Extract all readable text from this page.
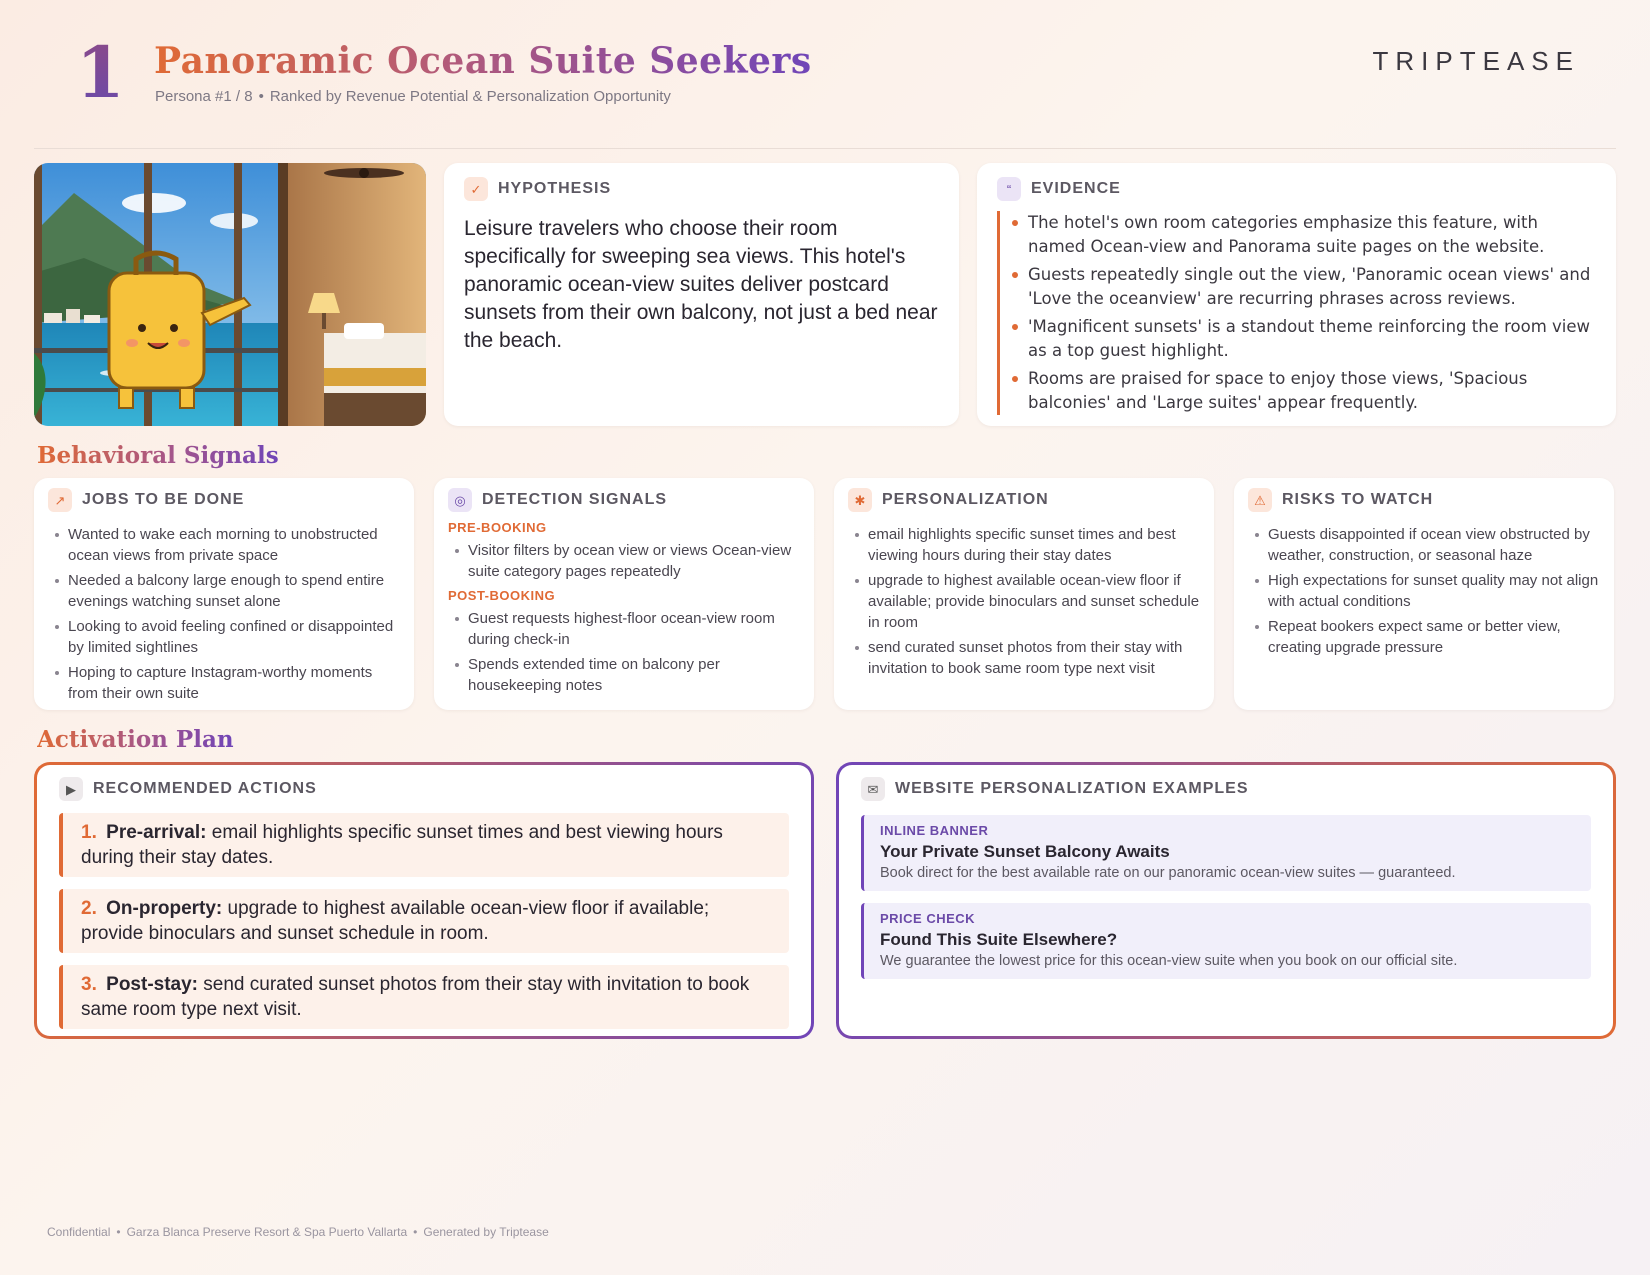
1 Panoramic Ocean Suite Seekers
Persona #1 / 8 • Ranked by Revenue Potential & Personalization Opportunity
TRIPTEASE
✓	HYPOTHESIS
Leisure travelers who choose their room specifically for sweeping sea views. This hotel's panoramic ocean-view suites deliver postcard sunsets from their own balcony, not just a bed near the beach.
“	EVIDENCE
The hotel's own room categories emphasize this feature, with named Ocean-view and Panorama suite pages on the website.
Guests repeatedly single out the view, 'Panoramic ocean views' and 'Love the oceanview' are recurring phrases across reviews.
'Magnificent sunsets' is a standout theme reinforcing the room view as a top guest highlight.
Rooms are praised for space to enjoy those views, 'Spacious balconies' and 'Large suites' appear frequently.
Behavioral Signals
↗	JOBS TO BE DONE
Wanted to wake each morning to unobstructed ocean views from private space
Needed a balcony large enough to spend entire evenings watching sunset alone
Looking to avoid feeling confined or disappointed by limited sightlines
Hoping to capture Instagram-worthy moments from their own suite
◎	DETECTION SIGNALS
PRE-BOOKING
Visitor filters by ocean view or views Ocean-view suite category pages repeatedly
POST-BOOKING
Guest requests highest-floor ocean-view room during check-in
Spends extended time on balcony per housekeeping notes
✱	PERSONALIZATION
email highlights specific sunset times and best viewing hours during their stay dates
upgrade to highest available ocean-view floor if available; provide binoculars and sunset schedule in room
send curated sunset photos from their stay with invitation to book same room type next visit
⚠	RISKS TO WATCH
Guests disappointed if ocean view obstructed by weather, construction, or seasonal haze
High expectations for sunset quality may not align with actual conditions
Repeat bookers expect same or better view, creating upgrade pressure
Activation Plan
▶	RECOMMENDED ACTIONS
1. Pre-arrival: email highlights specific sunset times and best viewing hours during their stay dates.
2. On-property: upgrade to highest available ocean-view floor if available; provide binoculars and sunset schedule in room.
3. Post-stay: send curated sunset photos from their stay with invitation to book same room type next visit.
✉	WEBSITE PERSONALIZATION EXAMPLES
INLINE BANNER
Your Private Sunset Balcony Awaits
Book direct for the best available rate on our panoramic ocean-view suites — guaranteed.
PRICE CHECK
Found This Suite Elsewhere?
We guarantee the lowest price for this ocean-view suite when you book on our official site.
Confidential • Garza Blanca Preserve Resort & Spa Puerto Vallarta • Generated by Triptease
